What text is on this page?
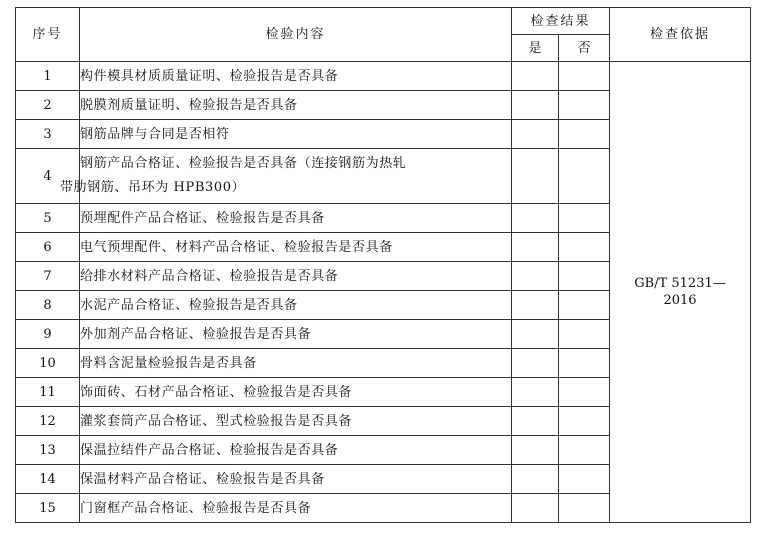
序号	检验内容	检查结果		检查依据
		是	否	
1	构件模具材质质量证明、检验报告是否具备			GB/T 51231—
2016

2	脱膜剂质量证明、检验报告是否具备			
3	钢筋品牌与合同是否相符			
4	钢筋产品合格证、检验报告是否具备（连接钢筋为热轧
带肋钢筋、吊环为 HPB300）			

5	预埋配件产品合格证、检验报告是否具备			
6	电气预埋配件、材料产品合格证、检验报告是否具备			
7	给排水材料产品合格证、检验报告是否具备			
8	水泥产品合格证、检验报告是否具备			
9	外加剂产品合格证、检验报告是否具备			
10	骨料含泥量检验报告是否具备			
11	饰面砖、石材产品合格证、检验报告是否具备			
12	灌浆套筒产品合格证、型式检验报告是否具备			
13	保温拉结件产品合格证、检验报告是否具备			
14	保温材料产品合格证、检验报告是否具备			
15	门窗框产品合格证、检验报告是否具备			
